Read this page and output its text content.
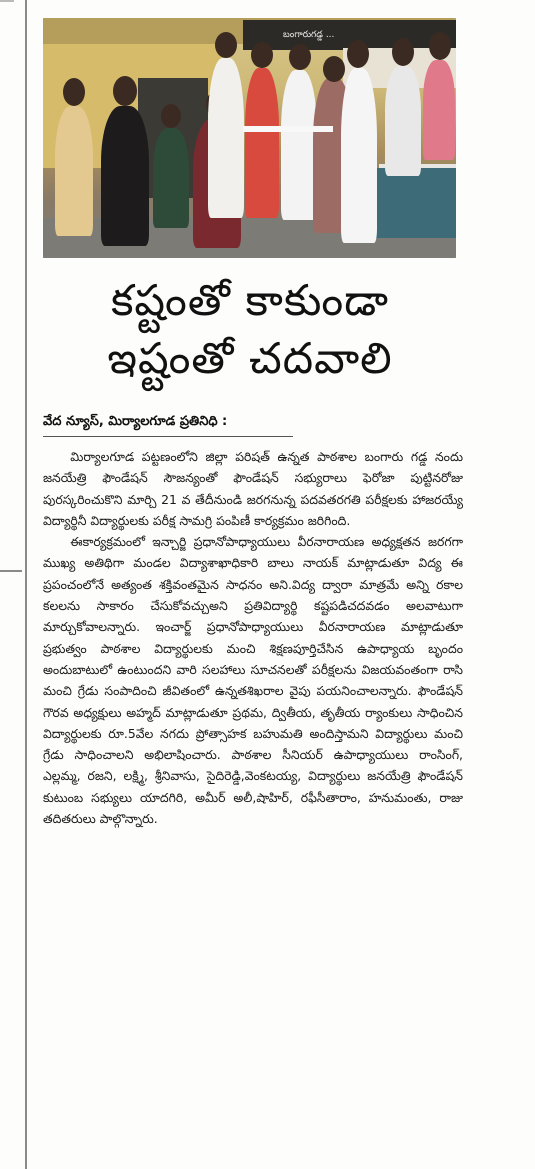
బంగారుగడ్డ ...
కష్టంతో కాకుండా
ఇష్టంతో చదవాలి
వేద న్యూస్, మిర్యాలగూడ ప్రతినిధి :

మిర్యాలగూడ పట్టణంలోని జిల్లా పరిషత్ ఉన్నత పాఠశాల బంగారు గడ్డ నందు జనయేత్రి ఫౌండేషన్ సౌజన్యంతో ఫౌండేషన్ సభ్యురాలు ఫెరోజా పుట్టినరోజు పురస్కరించుకొని మార్చి 21 వ తేదీనుండి జరగనున్న పదవతరగతి పరీక్షలకు హాజరయ్యే విద్యార్థినీ విద్యార్థులకు పరీక్ష సామగ్రి పంపిణీ కార్యక్రమం జరిగింది.

ఈకార్యక్రమంలో ఇన్చార్జి ప్రధానోపాధ్యాయులు వీరనారాయణ అధ్యక్షతన జరగగా ముఖ్య అతిథిగా మండల విద్యాశాఖాధికారి బాలు నాయక్ మాట్లాడుతూ విద్య ఈ ప్రపంచంలోనే అత్యంత శక్తివంతమైన సాధనం అని.విద్య ద్వారా మాత్రమే అన్ని రకాల కలలను సాకారం చేసుకోవచ్చుఅని ప్రతివిద్యార్థి కష్టపడిచదవడం అలవాటుగా మార్చుకోవాలన్నారు. ఇంచార్జ్ ప్రధానోపాధ్యాయులు వీరనారాయణ మాట్లాడుతూ ప్రభుత్వం పాఠశాల విద్యార్థులకు మంచి శిక్షణపూర్తిచేసిన ఉపాధ్యాయ బృందం అందుబాటులో ఉంటుందని వారి సలహాలు సూచనలతో పరీక్షలను విజయవంతంగా రాసి మంచి గ్రేడు సంపాదించి జీవితంలో ఉన్నతశిఖరాల వైపు పయనించాలన్నారు. ఫౌండేషన్ గౌరవ అధ్యక్షులు అహ్మద్ మాట్లాడుతూ ప్రథమ, ద్వితీయ, తృతీయ ర్యాంకులు సాధించిన విద్యార్థులకు రూ.5వేల నగదు ప్రోత్సాహక బహుమతి అందిస్తామని విద్యార్థులు మంచి గ్రేడు సాధించాలని అభిలాషించారు. పాఠశాల సీనియర్ ఉపాధ్యాయులు రాంసింగ్, ఎల్లమ్మ, రజని, లక్ష్మి, శ్రీనివాసు, సైదిరెడ్డి,వెంకటయ్య, విద్యార్థులు జనయేత్రి ఫౌండేషన్ కుటుంబ సభ్యులు యాదగిరి, అమీర్ అలీ,షాహిర్, రఫీసీతారాం, హనుమంతు, రాజు తదితరులు పాల్గొన్నారు.
